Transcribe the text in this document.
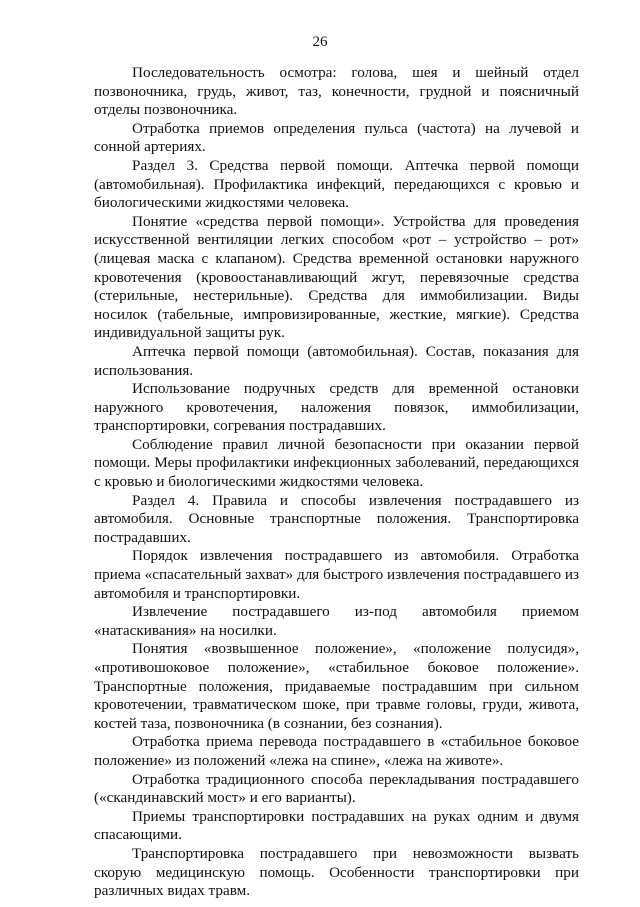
26

Последовательность осмотра: голова, шея и шейный отдел позвоночника, грудь, живот, таз, конечности, грудной и поясничный отделы позвоночника.

Отработка приемов определения пульса (частота) на лучевой и сонной артериях.

Раздел 3. Средства первой помощи. Аптечка первой помощи (автомобильная). Профилактика инфекций, передающихся с кровью и биологическими жидкостями человека.

Понятие «средства первой помощи». Устройства для проведения искусственной вентиляции легких способом «рот – устройство – рот» (лицевая маска с клапаном). Средства временной остановки наружного кровотечения (кровоостанавливающий жгут, перевязочные средства (стерильные, нестерильные). Средства для иммобилизации. Виды носилок (табельные, импровизированные, жесткие, мягкие). Средства индивидуальной защиты рук.

Аптечка первой помощи (автомобильная). Состав, показания для использования.

Использование подручных средств для временной остановки наружного кровотечения, наложения повязок, иммобилизации, транспортировки, согревания пострадавших.

Соблюдение правил личной безопасности при оказании первой помощи. Меры профилактики инфекционных заболеваний, передающихся с кровью и биологическими жидкостями человека.

Раздел 4. Правила и способы извлечения пострадавшего из автомобиля. Основные транспортные положения. Транспортировка пострадавших.

Порядок извлечения пострадавшего из автомобиля. Отработка приема «спасательный захват» для быстрого извлечения пострадавшего из автомобиля и транспортировки.

Извлечение пострадавшего из-под автомобиля приемом «натаскивания» на носилки.

Понятия «возвышенное положение», «положение полусидя», «противошоковое положение», «стабильное боковое положение». Транспортные положения, придаваемые пострадавшим при сильном кровотечении, травматическом шоке, при травме головы, груди, живота, костей таза, позвоночника (в сознании, без сознания).

Отработка приема перевода пострадавшего в «стабильное боковое положение» из положений «лежа на спине», «лежа на животе».

Отработка традиционного способа перекладывания пострадавшего («скандинавский мост» и его варианты).

Приемы транспортировки пострадавших на руках одним и двумя спасающими.

Транспортировка пострадавшего при невозможности вызвать скорую медицинскую помощь. Особенности транспортировки при различных видах травм.
